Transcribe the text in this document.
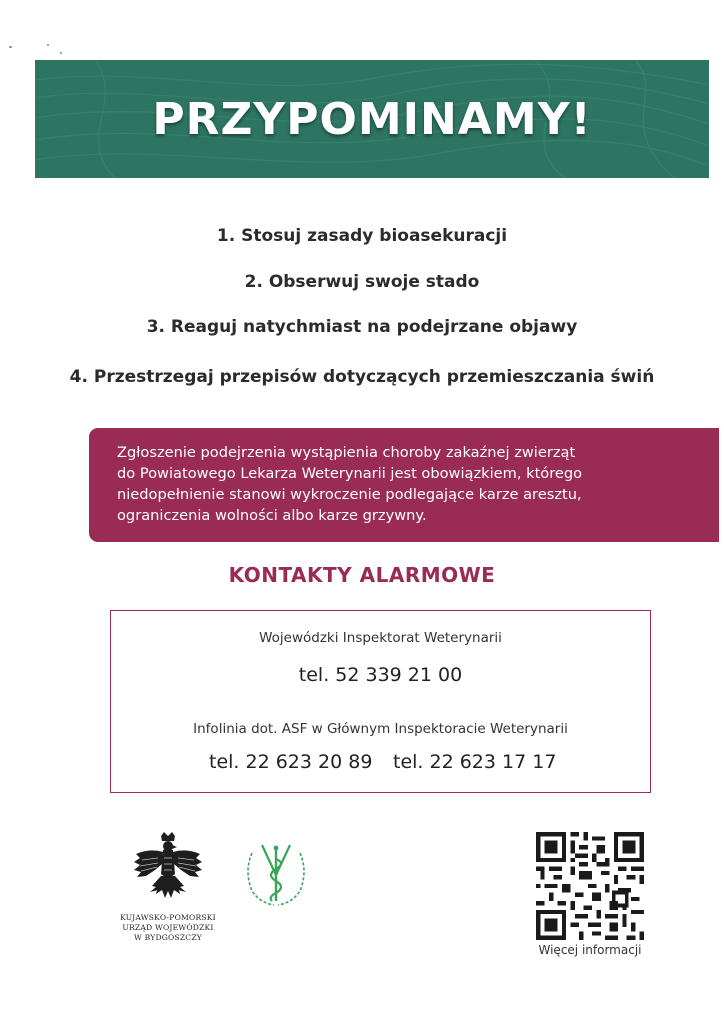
PRZYPOMINAMY!
1. Stosuj zasady bioasekuracji
2. Obserwuj swoje stado
3. Reaguj natychmiast na podejrzane objawy
4. Przestrzegaj przepisów dotyczących przemieszczania świń
Zgłoszenie podejrzenia wystąpienia choroby zakaźnej zwierząt
do Powiatowego Lekarza Weterynarii jest obowiązkiem, którego
niedopełnienie stanowi wykroczenie podlegające karze aresztu,
ograniczenia wolności albo karze grzywny.
KONTAKTY ALARMOWE
Wojewódzki Inspektorat Weterynarii
tel. 52 339 21 00
Infolinia dot. ASF w Głównym Inspektoracie Weterynarii
tel. 22 623 20 89 tel. 22 623 17 17
KUJAWSKO-POMORSKI
URZĄD WOJEWÓDZKI
W BYDGOSZCZY
Więcej informacji
